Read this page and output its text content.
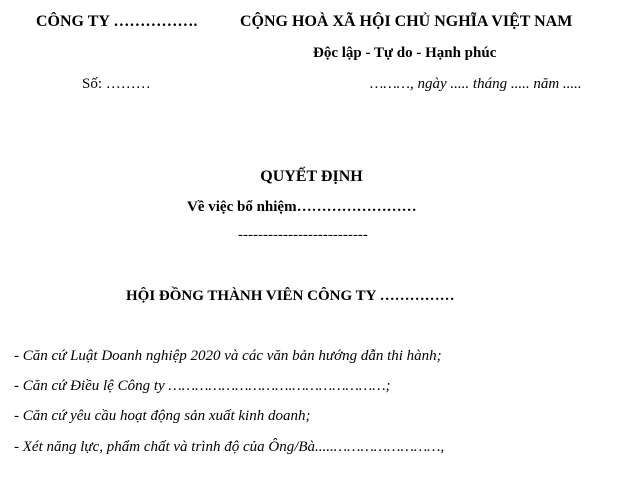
CÔNG TY …………….	CỘNG HOÀ XÃ HỘI CHỦ NGHĨA VIỆT NAM
Độc lập - Tự do - Hạnh phúc
Số: ………	………, ngày ..... tháng ..... năm .....
QUYẾT ĐỊNH
Về việc bổ nhiệm……………………
--------------------------
HỘI ĐỒNG THÀNH VIÊN CÔNG TY ……………
- Căn cứ Luật Doanh nghiệp 2020 và các văn bản hướng dẫn thi hành;
- Căn cứ Điều lệ Công ty ……………………….…………………;
- Căn cứ yêu cầu hoạt động sản xuất kinh doanh;
- Xét năng lực, phẩm chất và trình độ của Ông/Bà.....……………………,
